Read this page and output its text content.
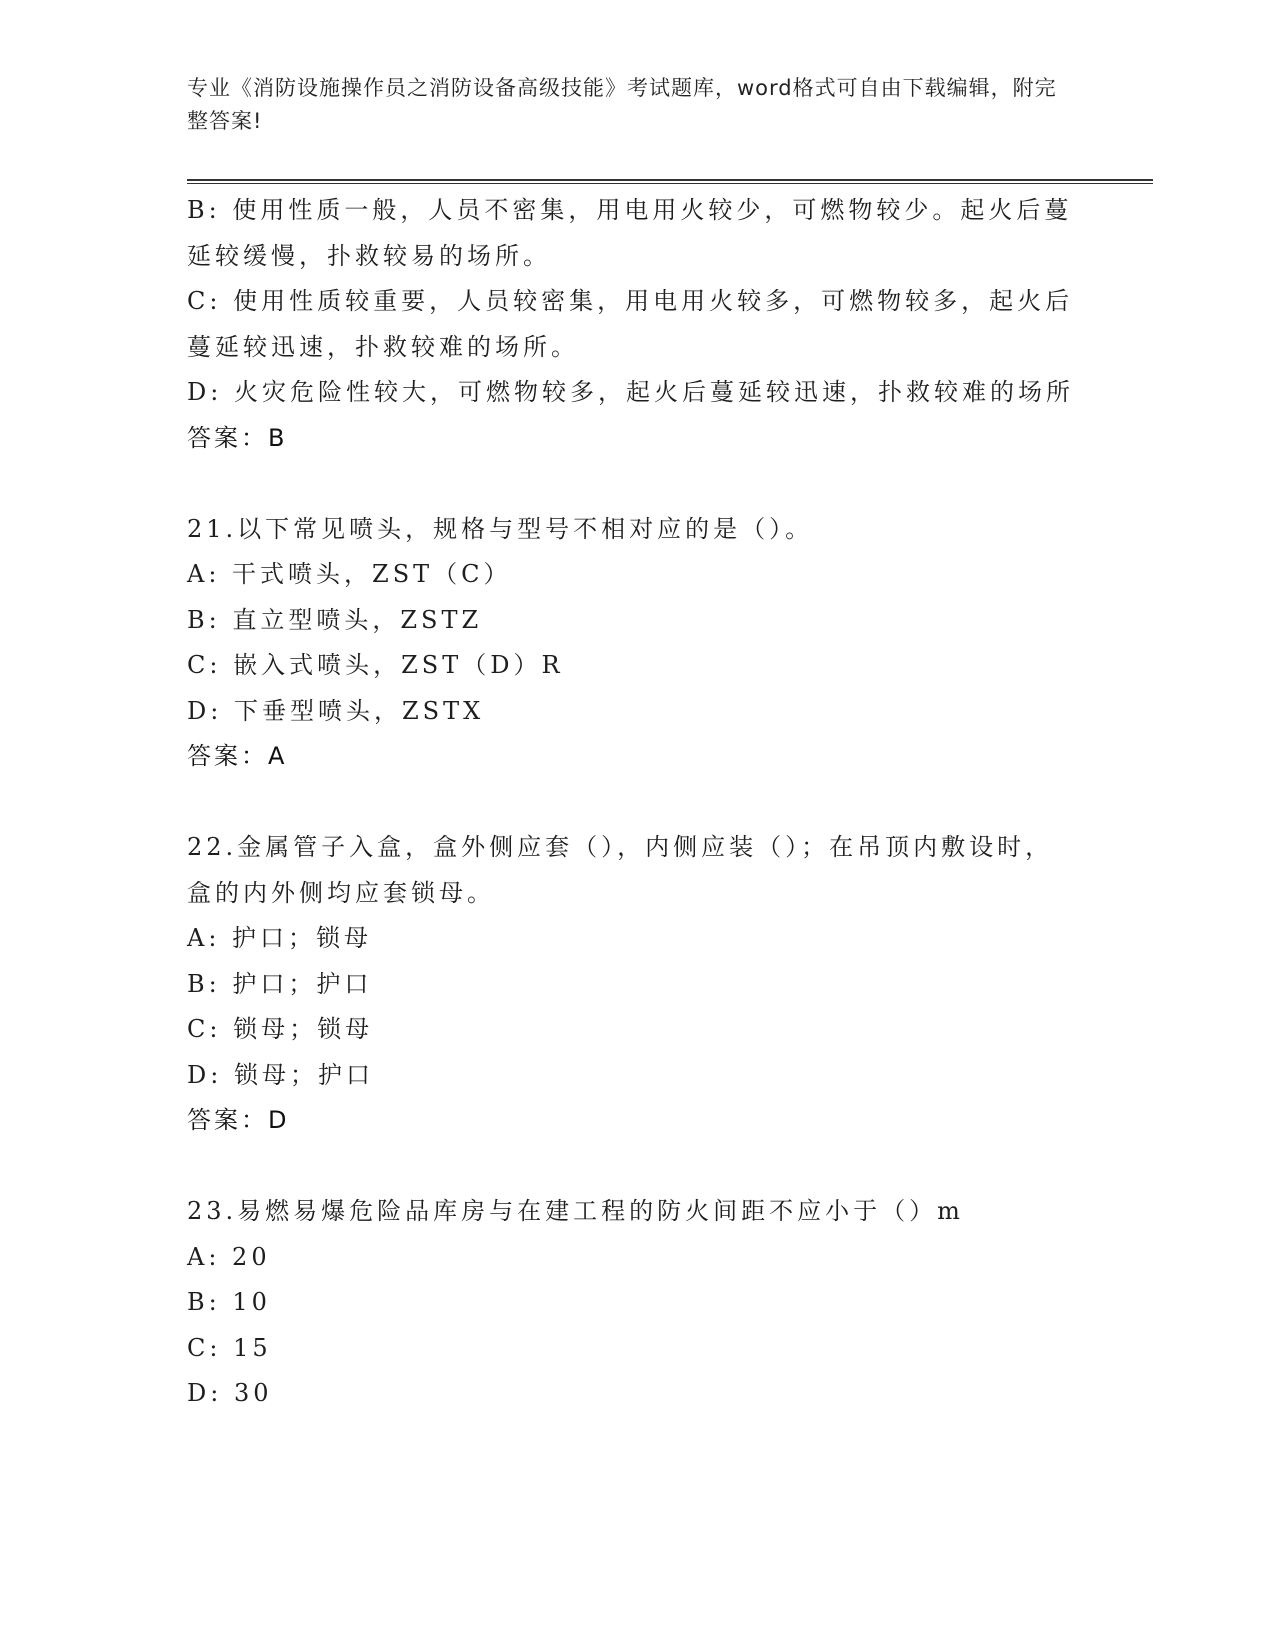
专业《消防设施操作员之消防设备高级技能》考试题库，word格式可自由下载编辑，附完整答案!
B: 使用性质一般，人员不密集，用电用火较少，可燃物较少。起火后蔓延较缓慢，扑救较易的场所。
C: 使用性质较重要，人员较密集，用电用火较多，可燃物较多，起火后蔓延较迅速，扑救较难的场所。
D: 火灾危险性较大，可燃物较多，起火后蔓延较迅速，扑救较难的场所
答案：B
21.以下常见喷头，规格与型号不相对应的是（）。
A: 干式喷头，ZST（C）
B: 直立型喷头，ZSTZ
C: 嵌入式喷头，ZST（D）R
D: 下垂型喷头，ZSTX
答案：A
22.金属管子入盒，盒外侧应套（），内侧应装（）；在吊顶内敷设时，盒的内外侧均应套锁母。
A: 护口；锁母
B: 护口；护口
C: 锁母；锁母
D: 锁母；护口
答案：D
23.易燃易爆危险品库房与在建工程的防火间距不应小于（）m
A: 20
B: 10
C: 15
D: 30
